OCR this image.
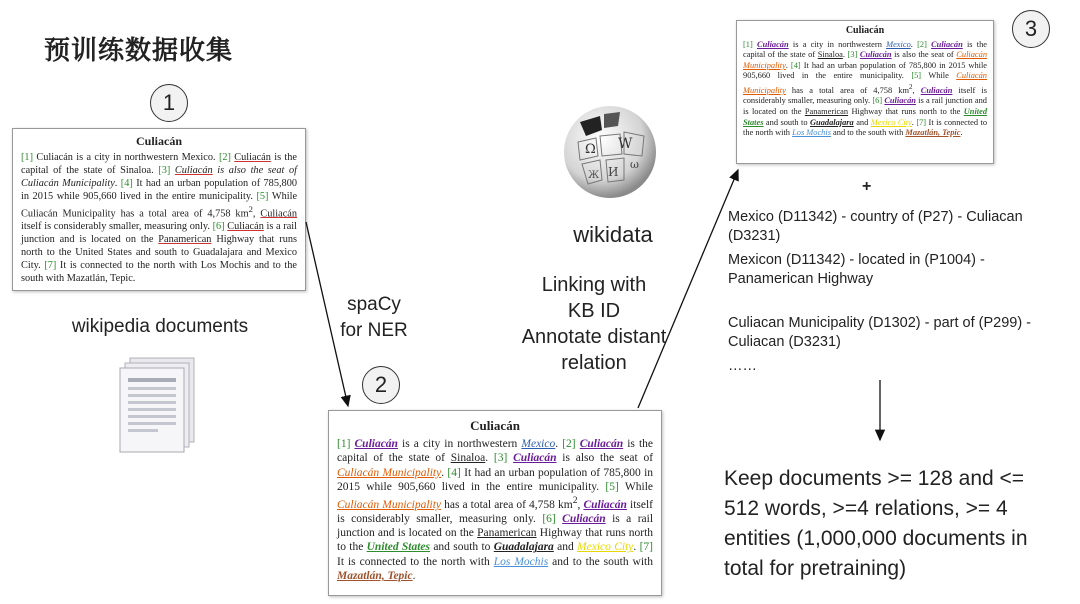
预训练数据收集
1
2
3
Culiacán
[1] Culiacán is a city in northwestern Mexico. [2] Culiacán is the capital of the state of Sinaloa. [3] Culiacán is also the seat of Culiacán Municipality. [4] It had an urban population of 785,800 in 2015 while 905,660 lived in the entire municipality. [5] While Culiacán Municipality has a total area of 4,758 $km^2$, Culiacán itself is considerably smaller, measuring only. [6] Culiacán is a rail junction and is located on the Panamerican Highway that runs north to the United States and south to Guadalajara and Mexico City. [7] It is connected to the north with Los Mochis and to the south with Mazatlán, Tepic.
wikipedia documents
Culiacán
[1] Culiacán is a city in northwestern Mexico. [2] Culiacán is the capital of the state of Sinaloa. [3] Culiacán is also the seat of Culiacán Municipality. [4] It had an urban population of 785,800 in 2015 while 905,660 lived in the entire municipality. [5] While Culiacán Municipality has a total area of 4,758 $km^2$, Culiacán itself is considerably smaller, measuring only. [6] Culiacán is a rail junction and is located on the Panamerican Highway that runs north to the United States and south to Guadalajara and Mexico City. [7] It is connected to the north with Los Mochis and to the south with Mazatlán, Tepic.
Culiacán
[1] Culiacán is a city in northwestern Mexico. [2] Culiacán is the capital of the state of Sinaloa. [3] Culiacán is also the seat of Culiacán Municipality. [4] It had an urban population of 785,800 in 2015 while 905,660 lived in the entire municipality. [5] While Culiacán Municipality has a total area of 4,758 $km^2$, Culiacán itself is considerably smaller, measuring only. [6] Culiacán is a rail junction and is located on the Panamerican Highway that runs north to the United States and south to Guadalajara and Mexico City. [7] It is connected to the north with Los Mochis and to the south with Mazatlán, Tepic.
Ω W
И
ω
Ж
wikidata
spaCy
for NER
Linking with
KB ID
Annotate distant
relation
+
Mexico (D11342) - country of (P27) - Culiacan (D3231)
Mexicon (D11342) - located in (P1004) - Panamerican Highway
Culiacan Municipality (D1302) - part of (P299) - Culiacan (D3231)
……
Keep documents >= 128 and <= 512 words, >=4 relations, >= 4 entities (1,000,000 documents in total for pretraining)
